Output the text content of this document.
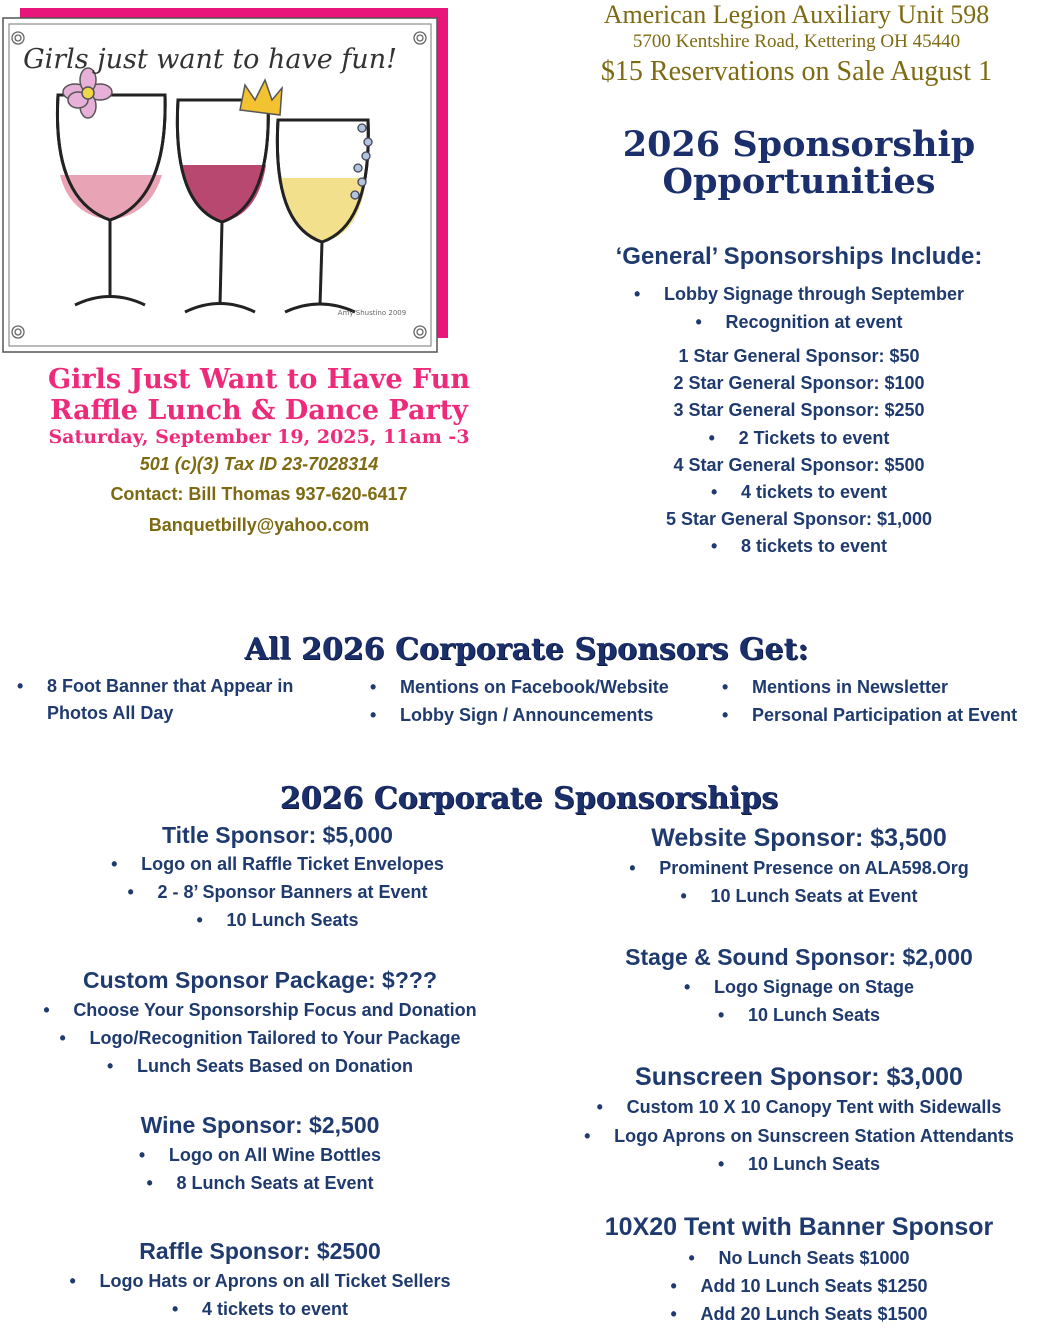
Girls just want to have fun!
Amy Shustino 2009
American Legion Auxiliary Unit 598
5700 Kentshire Road, Kettering OH 45440
$15 Reservations on Sale August 1
2026 Sponsorship
Opportunities
‘General’ Sponsorships Include:
•	Lobby Signage through September
•	Recognition at event
1 Star General Sponsor: $50
2 Star General Sponsor: $100
3 Star General Sponsor: $250
•	2 Tickets to event
4 Star General Sponsor: $500
•	4 tickets to event
5 Star General Sponsor: $1,000
•	8 tickets to event
Girls Just Want to Have Fun
Raffle Lunch & Dance Party
Saturday, September 19, 2025, 11am -3
501 (c)(3) Tax ID 23-7028314
Contact: Bill Thomas 937-620-6417
Banquetbilly@yahoo.com
All 2026 Corporate Sponsors Get:
• 8 Foot Banner that Appear in Photos All Day
• Mentions on Facebook/Website
• Lobby Sign / Announcements
• Mentions in Newsletter
• Personal Participation at Event
2026 Corporate Sponsorships
Title Sponsor: $5,000
•	Logo on all Raffle Ticket Envelopes
•	2 - 8’ Sponsor Banners at Event
•	10 Lunch Seats
Custom Sponsor Package: $???
•	Choose Your Sponsorship Focus and Donation
•	Logo/Recognition Tailored to Your Package
•	Lunch Seats Based on Donation
Wine Sponsor: $2,500
•	Logo on All Wine Bottles
•	8 Lunch Seats at Event
Raffle Sponsor: $2500
•	Logo Hats or Aprons on all Ticket Sellers
•	4 tickets to event
Website Sponsor: $3,500
•	Prominent Presence on ALA598.Org
•	10 Lunch Seats at Event
Stage & Sound Sponsor: $2,000
•	Logo Signage on Stage
•	10 Lunch Seats
Sunscreen Sponsor: $3,000
•	Custom 10 X 10 Canopy Tent with Sidewalls
•	Logo Aprons on Sunscreen Station Attendants
•	10 Lunch Seats
10X20 Tent with Banner Sponsor
•	No Lunch Seats $1000
•	Add 10 Lunch Seats $1250
•	Add 20 Lunch Seats $1500
